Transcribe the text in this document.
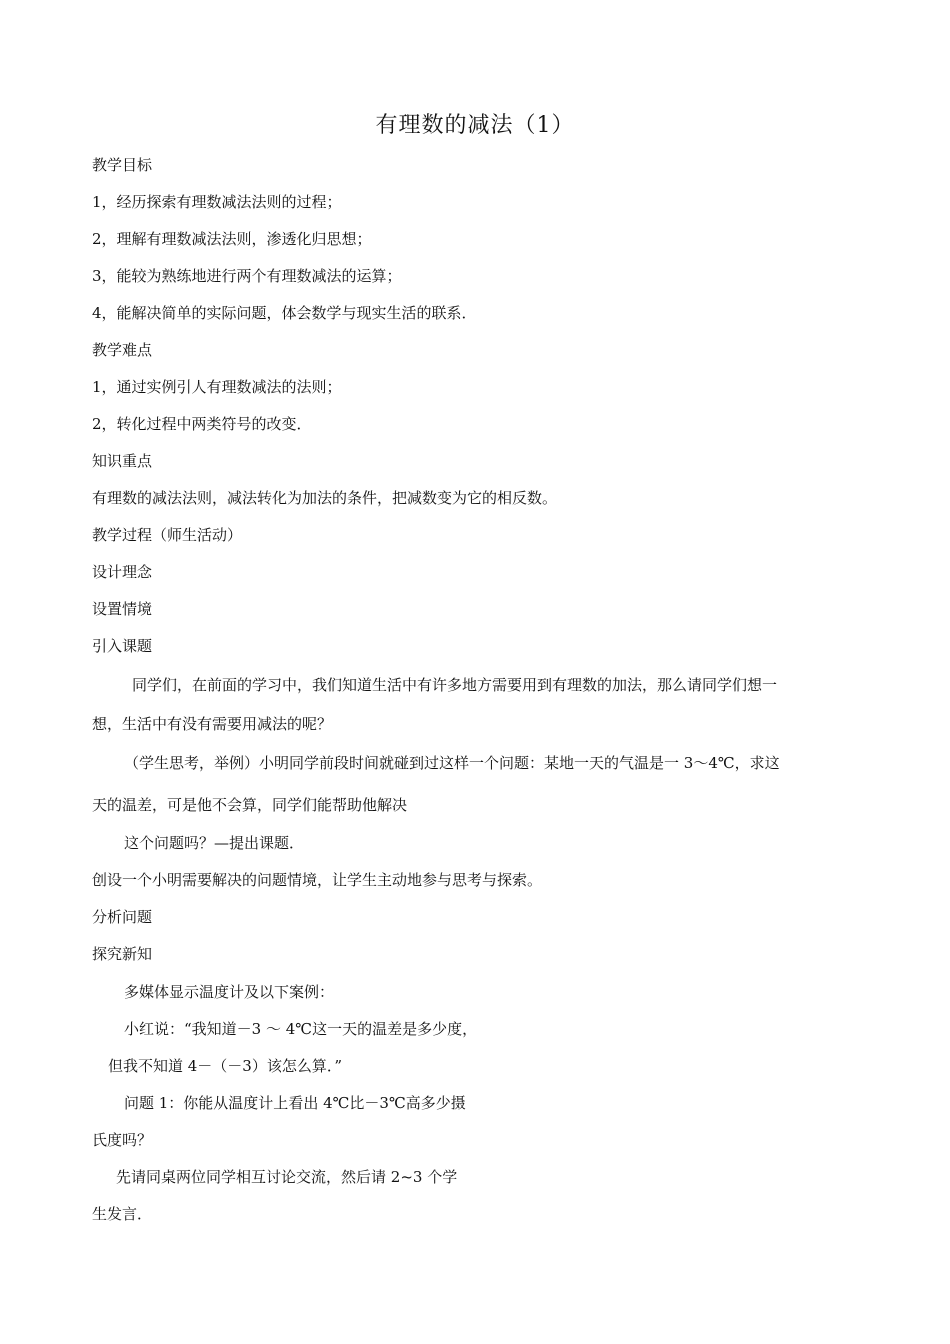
有理数的减法（1）
教学目标
1，经历探索有理数减法法则的过程；
2，理解有理数减法法则，渗透化归思想；
3，能较为熟练地进行两个有理数减法的运算；
4，能解决简单的实际问题，体会数学与现实生活的联系．
教学难点
1，通过实例引人有理数减法的法则；
2，转化过程中两类符号的改变．
知识重点
有理数的减法法则，减法转化为加法的条件，把减数变为它的相反数。
教学过程（师生活动）
设计理念
设置情境
引入课题
同学们，在前面的学习中，我们知道生活中有许多地方需要用到有理数的加法，那么请同学们想一
想，生活中有没有需要用减法的呢？
（学生思考，举例）小明同学前段时间就碰到过这样一个问题：某地一天的气温是一 3～4℃，求这
天的温差，可是他不会算，同学们能帮助他解决
这个问题吗？—提出课题．
创设一个小明需要解决的问题情境，让学生主动地参与思考与探索。
分析问题
探究新知
多媒体显示温度计及以下案例：
小红说：“我知道－3 ～ 4℃这一天的温差是多少度，
但我不知道 4－（－3）该怎么算．”
问题 1：你能从温度计上看出 4℃比－3℃高多少摄
氏度吗？
先请同桌两位同学相互讨论交流，然后请 2~3 个学
生发言．
